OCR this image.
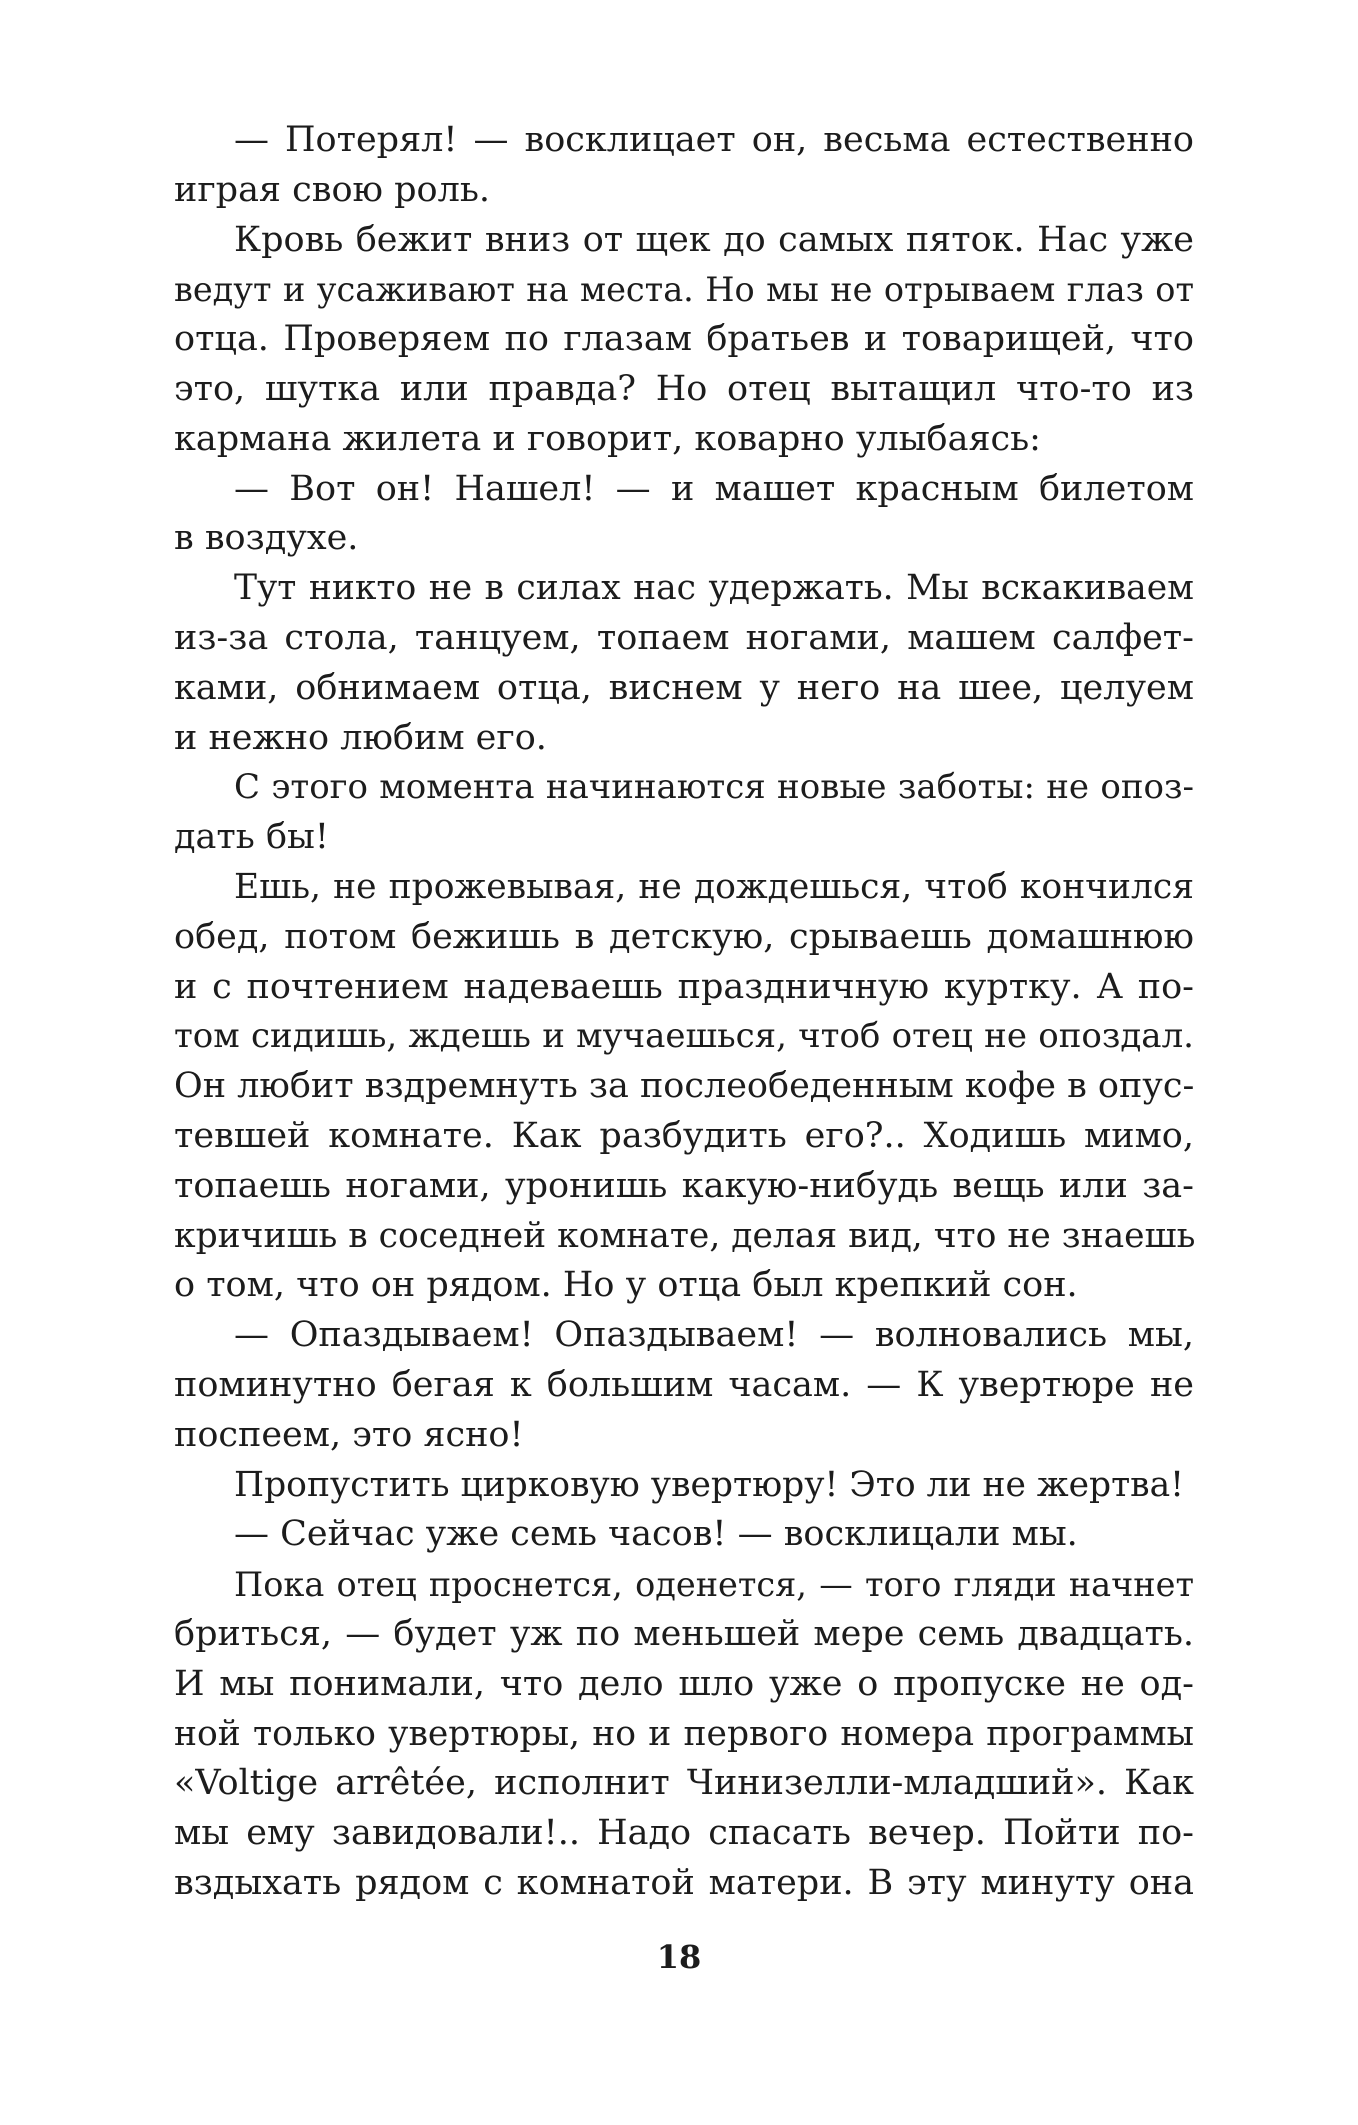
— Потерял! — восклицает он, весьма естественно
играя свою роль.
Кровь бежит вниз от щек до самых пяток. Нас уже
ведут и усаживают на места. Но мы не отрываем глаз от
отца. Проверяем по глазам братьев и товарищей, что
это, шутка или правда? Но отец вытащил что-то из
кармана жилета и говорит, коварно улыбаясь:
— Вот он! Нашел! — и машет красным билетом
в воздухе.
Тут никто не в силах нас удержать. Мы вскакиваем
из-за стола, танцуем, топаем ногами, машем салфет-
ками, обнимаем отца, виснем у него на шее, целуем
и нежно любим его.
С этого момента начинаются новые заботы: не опоз-
дать бы!
Ешь, не прожевывая, не дождешься, чтоб кончился
обед, потом бежишь в детскую, срываешь домашнюю
и с почтением надеваешь праздничную куртку. А по-
том сидишь, ждешь и мучаешься, чтоб отец не опоздал.
Он любит вздремнуть за послеобеденным кофе в опус-
тевшей комнате. Как разбудить его?.. Ходишь мимо,
топаешь ногами, уронишь какую-нибудь вещь или за-
кричишь в соседней комнате, делая вид, что не знаешь
о том, что он рядом. Но у отца был крепкий сон.
— Опаздываем! Опаздываем! — волновались мы,
поминутно бегая к большим часам. — К увертюре не
поспеем, это ясно!
Пропустить цирковую увертюру! Это ли не жертва!
— Сейчас уже семь часов! — восклицали мы.
Пока отец проснется, оденется, — того гляди начнет
бриться, — будет уж по меньшей мере семь двадцать.
И мы понимали, что дело шло уже о пропуске не од-
ной только увертюры, но и первого номера программы
«Voltige arrêtée, исполнит Чинизелли-младший». Как
мы ему завидовали!.. Надо спасать вечер. Пойти по-
вздыхать рядом с комнатой матери. В эту минуту она
18
